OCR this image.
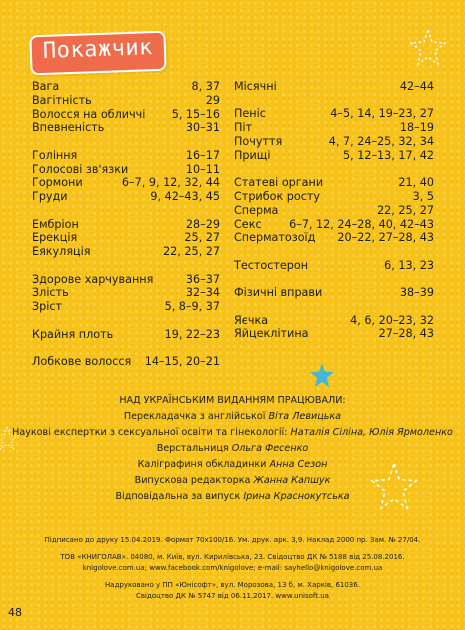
Покажчик
Вага	8, 37
Вагітність	29
Волосся на обличчі 5, 15–16
Впевненість	30–31
Гоління	16–17
Голосові зв'язки	10–11
Гормони	6–7, 9, 12, 32, 44
Груди	9, 42–43, 45
Ембріон	28–29
Ерекція	25, 27
Еякуляція	22, 25, 27
Здорове харчування	36–37
Злість	32–34
Зріст	5, 8–9, 37
Крайня плоть	19, 22–23
Лобкове волосся 14–15, 20–21
Місячні	42–44
Пеніс	4–5, 14, 19–23, 27
Піт	18–19
Почуття	4, 7, 24–25, 32, 34
Прищі	5, 12–13, 17, 42
Статеві органи	21, 40
Стрибок росту	3, 5
Сперма	22, 25, 27
Секс 6–7, 12, 24–28, 40, 42–43
Сперматозоїд 20–22, 27–28, 43
Тестостерон	6, 13, 23
Фізичні вправи	38–39
Яєчка	4, 6, 20–23, 32
Яйцеклітина	27–28, 43
НАД УКРАЇНСЬКИМ ВИДАННЯМ ПРАЦЮВАЛИ:
Перекладачка з англійської Віта Левицька
Наукові експертки з сексуальної освіти та гінекології: Наталія Сіліна, Юлія Ярмоленко
Верстальниця Ольга Фесенко
Каліграфиня обкладинки Анна Сезон
Випускова редакторка Жанна Капшук
Відповідальна за випуск Ірина Краснокутська
Підписано до друку 15.04.2019. Формат 70х100/16. Ум. друк. арк. 3,9. Наклад 2000 пр. Зам. № 27/04.
ТОВ «КНИГОЛАВ». 04080, м. Київ, вул. Кирилівська, 23. Свідоцтво ДК № 5188 від 25.08.2016.
knigolove.com.ua; www.facebook.com/knigolove; e-mail: sayhello@knigolove.com.ua
Надруковано у ПП «Юнісофт», вул. Морозова, 13 б, м. Харків, 61036.
Свідоцтво ДК № 5747 від 06.11.2017. www.unisoft.ua
48
